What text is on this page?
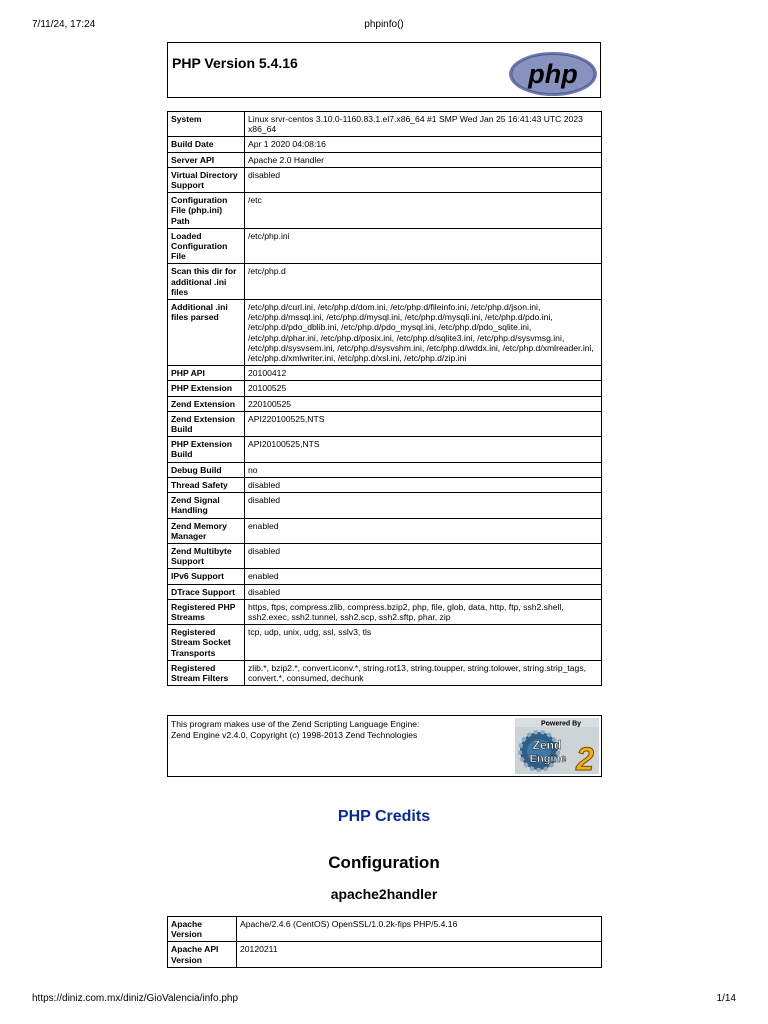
7/11/24, 17:24	phpinfo()
PHP Version 5.4.16	php
System	Linux srvr-centos 3.10.0-1160.83.1.el7.x86_64 #1 SMP Wed Jan 25 16:41:43 UTC 2023 x86_64
Build Date	Apr 1 2020 04:08:16
Server API	Apache 2.0 Handler
Virtual Directory Support	disabled
Configuration File (php.ini) Path	/etc
Loaded Configuration File	/etc/php.ini
Scan this dir for additional .ini files	/etc/php.d
Additional .ini files parsed	/etc/php.d/curl.ini, /etc/php.d/dom.ini, /etc/php.d/fileinfo.ini, /etc/php.d/json.ini, /etc/php.d/mssql.ini, /etc/php.d/mysql.ini, /etc/php.d/mysqli.ini, /etc/php.d/pdo.ini, /etc/php.d/pdo_dblib.ini, /etc/php.d/pdo_mysql.ini, /etc/php.d/pdo_sqlite.ini, /etc/php.d/phar.ini, /etc/php.d/posix.ini, /etc/php.d/sqlite3.ini, /etc/php.d/sysvmsg.ini, /etc/php.d/sysvsem.ini, /etc/php.d/sysvshm.ini, /etc/php.d/wddx.ini, /etc/php.d/xmlreader.ini, /etc/php.d/xmlwriter.ini, /etc/php.d/xsl.ini, /etc/php.d/zip.ini
PHP API	20100412
PHP Extension	20100525
Zend Extension	220100525
Zend Extension Build	API220100525,NTS
PHP Extension Build	API20100525,NTS
Debug Build	no
Thread Safety	disabled
Zend Signal Handling	disabled
Zend Memory Manager	enabled
Zend Multibyte Support	disabled
IPv6 Support	enabled
DTrace Support	disabled
Registered PHP Streams	https, ftps, compress.zlib, compress.bzip2, php, file, glob, data, http, ftp, ssh2.shell, ssh2.exec, ssh2.tunnel, ssh2.scp, ssh2.sftp, phar, zip
Registered Stream Socket Transports	tcp, udp, unix, udg, ssl, sslv3, tls
Registered Stream Filters	zlib.*, bzip2.*, convert.iconv.*, string.rot13, string.toupper, string.tolower, string.strip_tags, convert.*, consumed, dechunk
This program makes use of the Zend Scripting Language Engine:
Zend Engine v2.4.0, Copyright (c) 1998-2013 Zend Technologies
Powered By
Zend
Engine 2
PHP Credits
Configuration
apache2handler
Apache Version	Apache/2.4.6 (CentOS) OpenSSL/1.0.2k-fips PHP/5.4.16
Apache API Version	20120211
https://diniz.com.mx/diniz/GioValencia/info.php	1/14
